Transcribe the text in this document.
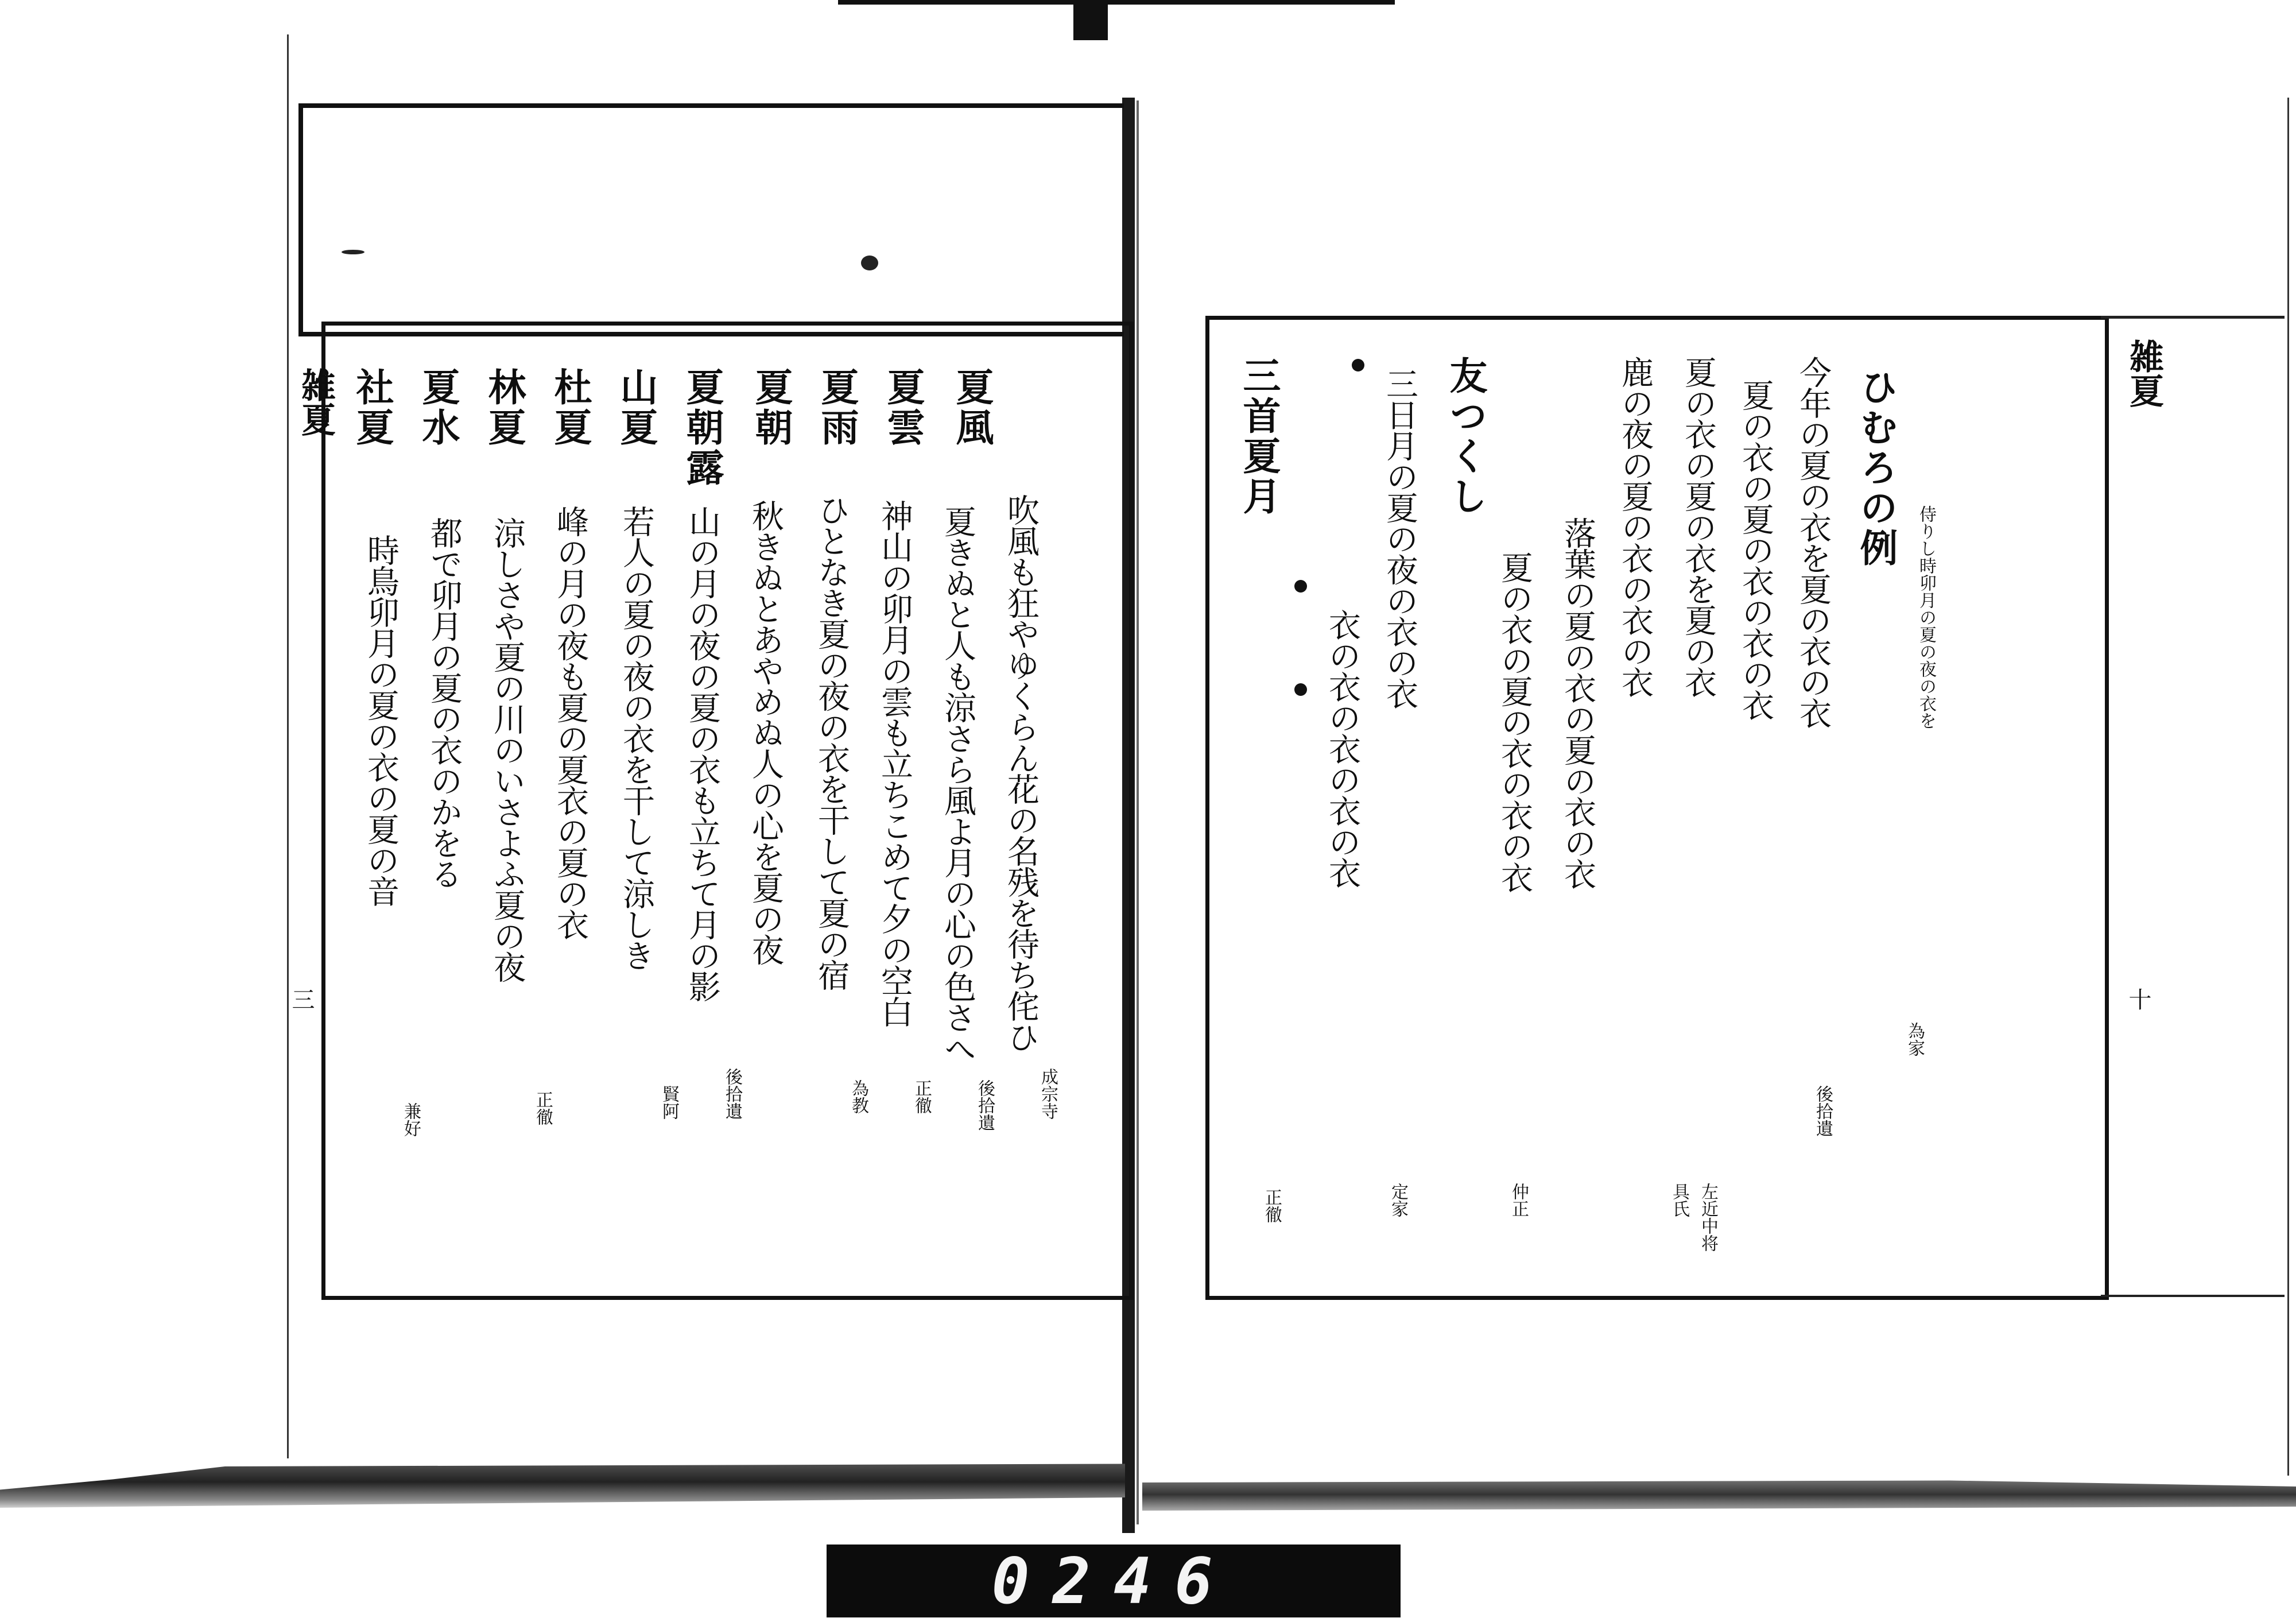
雑夏
三
夏風
夏雲
夏雨
夏朝
夏朝露
山夏
杜夏
林夏
夏水
社夏
吹風も狂やゆくらん花の名残を待ち侘ひ
夏きぬと人も涼さら風よ月の心の色さへ
神山の卯月の雲も立ちこめて夕の空白
ひとなき夏の夜の衣を干して夏の宿
秋きぬとあやめぬ人の心を夏の夜
山の月の夜の夏の衣も立ちて月の影
若人の夏の夜の衣を干して涼しき
峰の月の夜も夏の夏衣の夏の衣
涼しさや夏の川のいさよふ夏の夜
都で卯月の夏の衣のかをる
時鳥卯月の夏の衣の夏の音
成宗寺
後拾遺
正徹
為教
後拾遺
賢阿
正徹
兼好
雑夏
十
侍りし時卯月の夏の夜の衣を
ひむろの例
今年の夏の衣を夏の衣の衣
夏の衣の夏の衣の衣の衣
夏の衣の夏の衣を夏の衣
鹿の夜の夏の衣の衣の衣
落葉の夏の衣の夏の衣の衣
夏の衣の夏の衣の衣の衣
友つくし
三日月の夏の夜の衣の衣
衣の衣の衣の衣の衣
三首夏月
為家
後拾遺
左近中将
具氏
仲正
定家
正徹
0246
